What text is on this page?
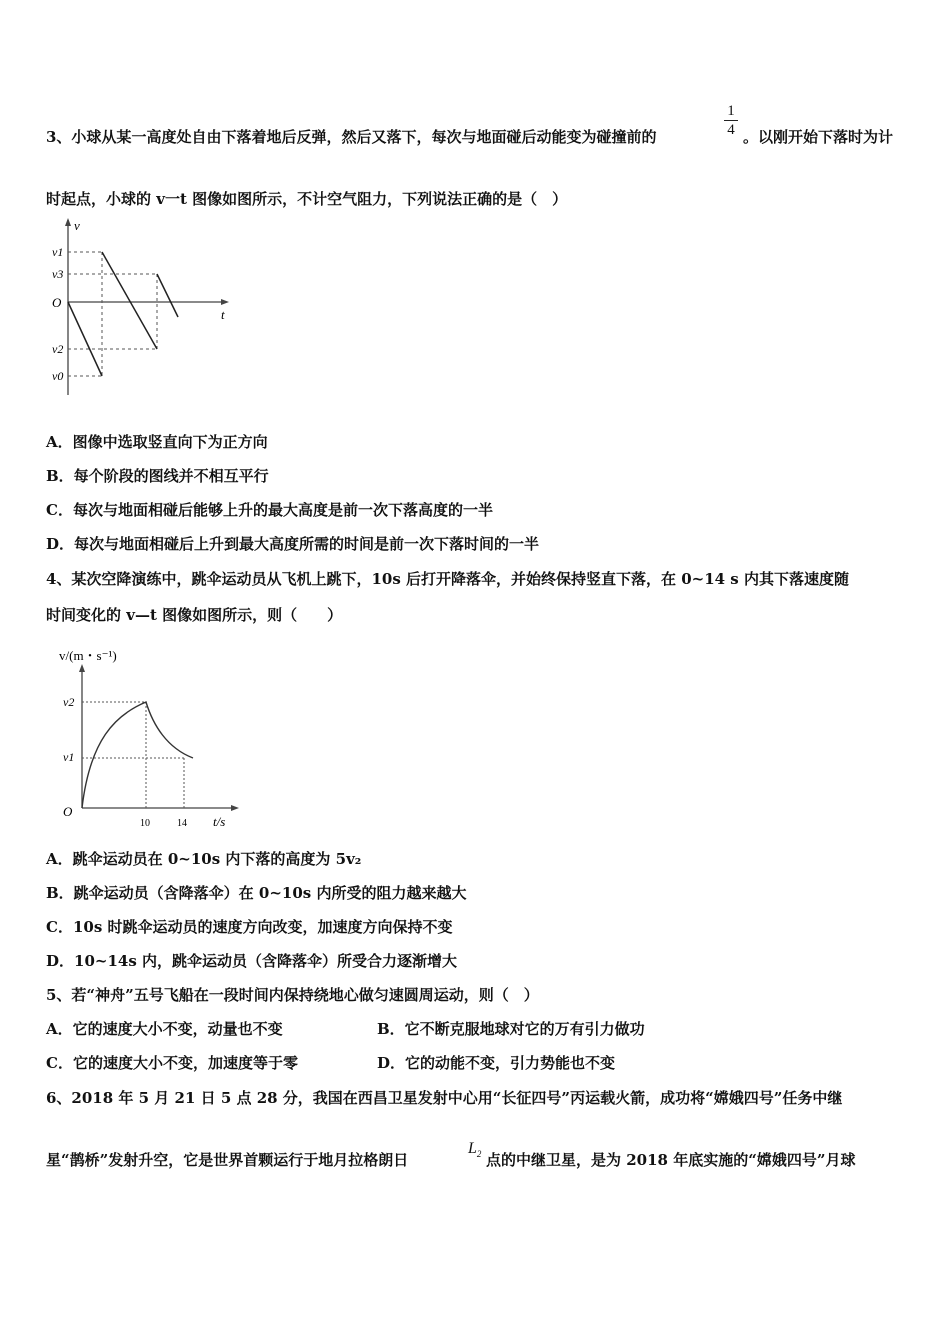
3、小球从某一高度处自由下落着地后反弹，然后又落下，每次与地面碰后动能变为碰撞前的
1
4 。以刚开始下落时为计
时起点，小球的 v一t 图像如图所示，不计空气阻力，下列说法正确的是（　）
v
t
O
v1
v3
v2
v0
A．图像中选取竖直向下为正方向
B．每个阶段的图线并不相互平行
C．每次与地面相碰后能够上升的最大高度是前一次下落高度的一半
D．每次与地面相碰后上升到最大高度所需的时间是前一次下落时间的一半
4、某次空降演练中，跳伞运动员从飞机上跳下，10s 后打开降落伞，并始终保持竖直下落，在 0~14 s 内其下落速度随
时间变化的 v—t 图像如图所示，则（　　）
v/(m・s⁻¹)
O
v2
v1
10	14 t/s
A．跳伞运动员在 0~10s 内下落的高度为 5v₂
B．跳伞运动员（含降落伞）在 0~10s 内所受的阻力越来越大
C．10s 时跳伞运动员的速度方向改变，加速度方向保持不变
D．10~14s 内，跳伞运动员（含降落伞）所受合力逐渐增大
5、若“神舟”五号飞船在一段时间内保持绕地心做匀速圆周运动，则（　）
A．它的速度大小不变，动量也不变	B．它不断克服地球对它的万有引力做功
C．它的速度大小不变，加速度等于零	D．它的动能不变，引力势能也不变
6、2018 年 5 月 21 日 5 点 28 分，我国在西昌卫星发射中心用“长征四号”丙运载火箭，成功将“嫦娥四号”任务中继
星“鹊桥”发射升空，它是世界首颗运行于地月拉格朗日
$L_2$ 点的中继卫星，是为 2018 年底实施的“嫦娥四号”月球
